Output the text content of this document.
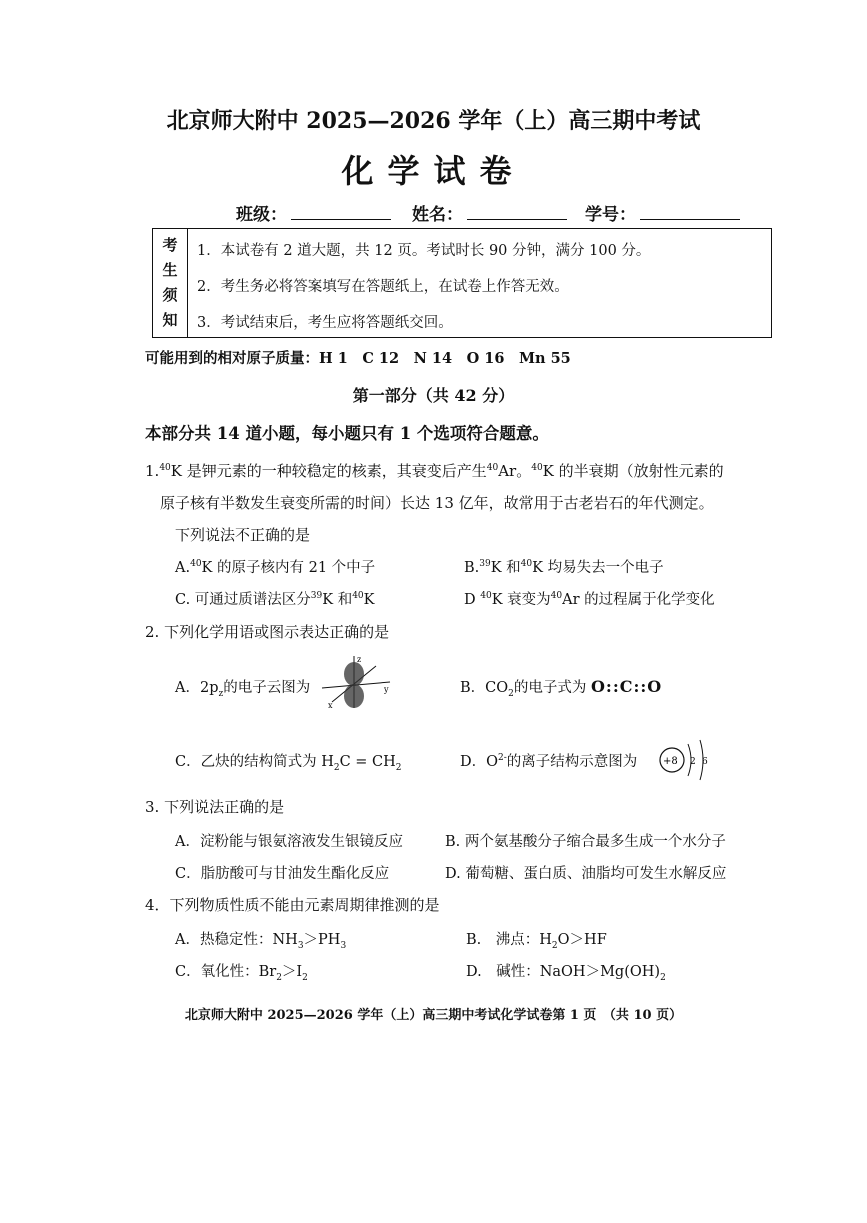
北京师大附中 2025—2026 学年（上）高三期中考试
化学试卷
班级：	姓名：	学号：
考
生
须
知
1．本试卷有 2 道大题，共 12 页。考试时长 90 分钟，满分 100 分。
2．考生务必将答案填写在答题纸上，在试卷上作答无效。
3．考试结束后，考生应将答题纸交回。
可能用到的相对原子质量：H 1　C 12　N 14　O 16　Mn 55
第一部分（共 42 分）
本部分共 14 道小题，每小题只有 1 个选项符合题意。
1.40K 是钾元素的一种较稳定的核素，其衰变后产生$^{40}$Ar。$^{40}$K 的半衰期（放射性元素的
原子核有半数发生衰变所需的时间）长达 13 亿年，故常用于古老岩石的年代测定。
下列说法不正确的是
A.$^{40}$K 的原子核内有 21 个中子	B.$^{39}$K 和$^{40}$K 均易失去一个电子
C. 可通过质谱法区分$^{39}$K 和$^{40}$K	D $^{40}$K 衰变为$^{40}$Ar 的过程属于化学变化
2. 下列化学用语或图示表达正确的是
A．$2p_z$的电子云图为
z
x
y	B．$CO_2$的电子式为 O::C::O
C．乙炔的结构简式为 $H_2C = CH_2$	D．$O^{2-}$的离子结构示意图为	+8 2 6
3. 下列说法正确的是
A．淀粉能与银氨溶液发生银镜反应	B. 两个氨基酸分子缩合最多生成一个水分子
C．脂肪酸可与甘油发生酯化反应	D. 葡萄糖、蛋白质、油脂均可发生水解反应
4．下列物质性质不能由元素周期律推测的是
A．热稳定性：$NH_3>PH_3$	B.　沸点：$H_2O>HF$
C．氧化性：$Br_2>I_2$	D.　碱性：$NaOH>Mg(OH)_2$
北京师大附中 2025—2026 学年（上）高三期中考试化学试卷第 1 页　（共 10 页）
